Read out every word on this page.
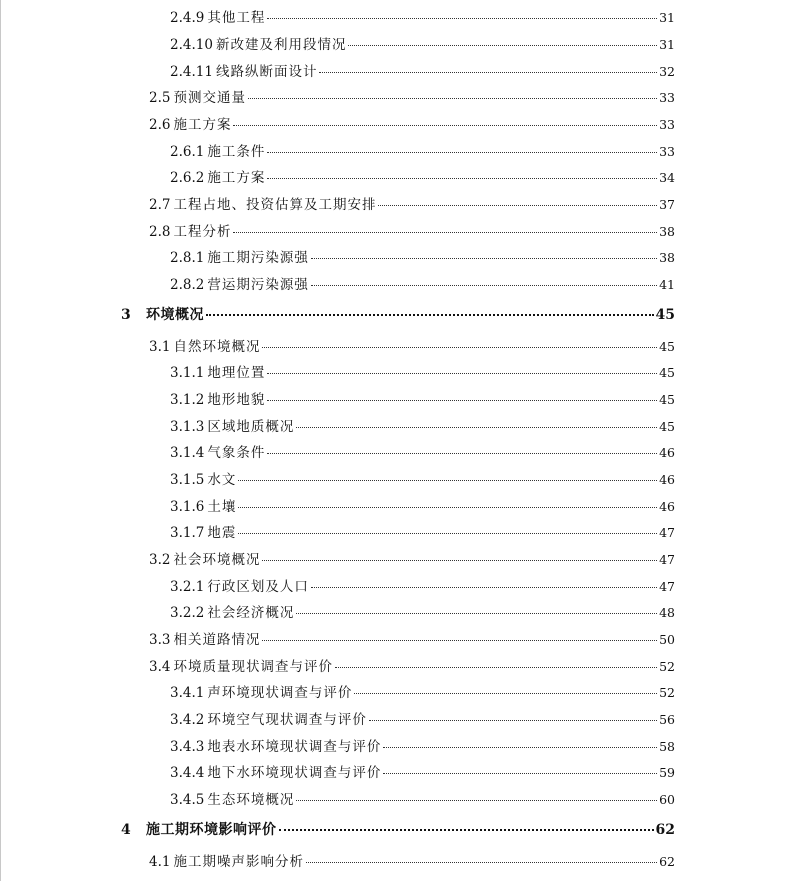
2.4.9 其他工程	31
2.4.10 新改建及利用段情况	31
2.4.11 线路纵断面设计	32
2.5 预测交通量	33
2.6 施工方案	33
2.6.1 施工条件	33
2.6.2 施工方案	34
2.7 工程占地、投资估算及工期安排	37
2.8 工程分析	38
2.8.1 施工期污染源强	38
2.8.2 营运期污染源强	41
3	环境概况	45
3.1 自然环境概况	45
3.1.1 地理位置	45
3.1.2 地形地貌	45
3.1.3 区域地质概况	45
3.1.4 气象条件	46
3.1.5 水文	46
3.1.6 土壤	46
3.1.7 地震	47
3.2 社会环境概况	47
3.2.1 行政区划及人口	47
3.2.2 社会经济概况	48
3.3 相关道路情况	50
3.4 环境质量现状调查与评价	52
3.4.1 声环境现状调查与评价	52
3.4.2 环境空气现状调查与评价	56
3.4.3 地表水环境现状调查与评价	58
3.4.4 地下水环境现状调查与评价	59
3.4.5 生态环境概况	60
4	施工期环境影响评价	62
4.1 施工期噪声影响分析	62
